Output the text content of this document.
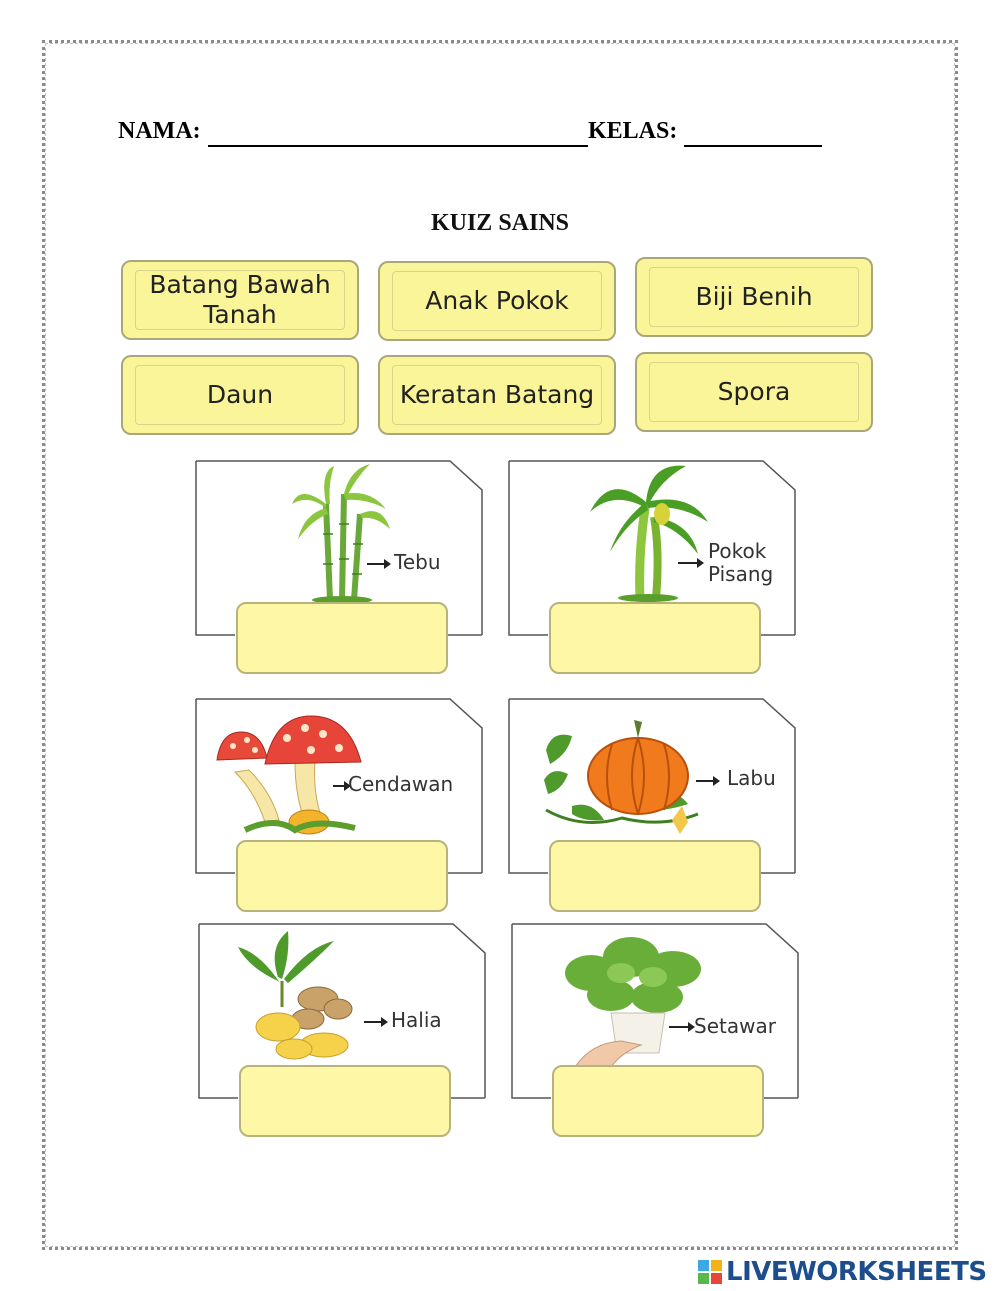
NAMA:	KELAS:
KUIZ SAINS
Batang Bawah
Tanah	Anak Pokok	Biji Benih
Daun	Keratan Batang	Spora
Tebu	Pokok
Pisang
Cendawan	Labu
Halia	Setawar
LIVEWORKSHEETS
